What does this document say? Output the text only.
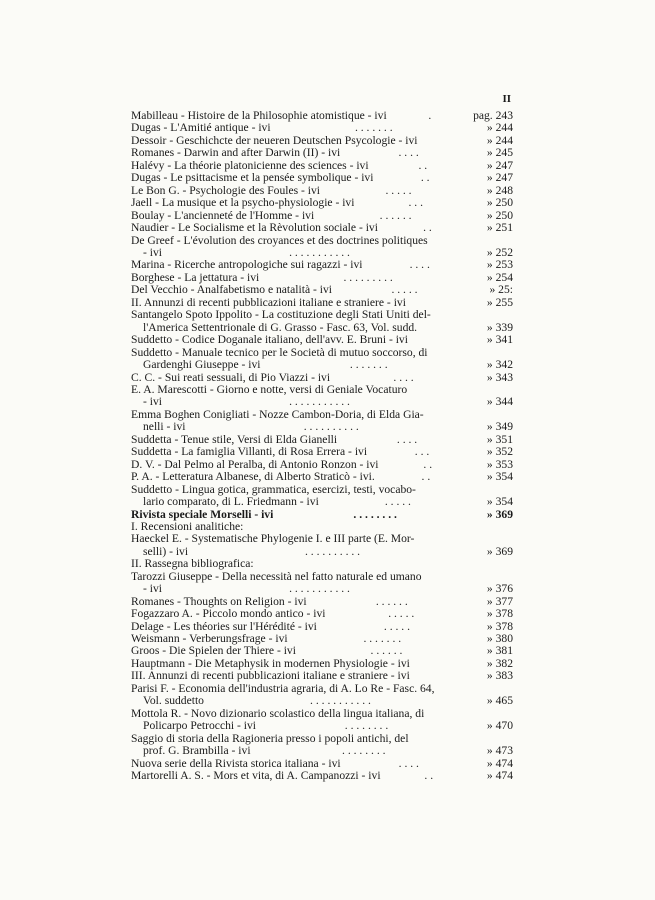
II
Mabilleau - Histoire de la Philosophie atomistique - ivi	.	pag. 243
Dugas - L'Amitié antique - ivi	. . . . . . .	» 244
Dessoir - Geschichcte der neueren Deutschen Psycologie - ivi	» 244
Romanes - Darwin and after Darwin (II) - ivi	. . . .	» 245
Halévy - La théorie platonicienne des sciences - ivi	. .	» 247
Dugas - Le psittacisme et la pensée symbolique - ivi	. .	» 247
Le Bon G. - Psychologie des Foules - ivi	. . . . .	» 248
Jaell - La musique et la psycho-physiologie - ivi	. . .	» 250
Boulay - L'ancienneté de l'Homme - ivi	. . . . . .	» 250
Naudier - Le Socialisme et la Rèvolution sociale - ivi	. .	» 251
De Greef - L'évolution des croyances et des doctrines politiques
- ivi	. . . . . . . . . . .	» 252
Marina - Ricerche antropologiche sui ragazzi - ivi	. . . .	» 253
Borghese - La jettatura - ivi	. . . . . . . . .	» 254
Del Vecchio - Analfabetismo e natalità - ivi	. . . . .	» 25:
II. Annunzi di recenti pubblicazioni italiane e straniere - ivi	» 255
Santangelo Spoto Ippolito - La costituzione degli Stati Uniti del-
l'America Settentrionale di G. Grasso - Fasc. 63, Vol. sudd.	» 339
Suddetto - Codice Doganale italiano, dell'avv. E. Bruni - ivi	» 341
Suddetto - Manuale tecnico per le Società di mutuo soccorso, di
Gardenghi Giuseppe - ivi	. . . . . . .	» 342
C. C. - Sui reati sessuali, di Pio Viazzi - ivi	. . . .	» 343
E. A. Marescotti - Giorno e notte, versi di Geniale Vocaturo
- ivi	. . . . . . . . . . .	» 344
Emma Boghen Conigliati - Nozze Cambon-Doria, di Elda Gia-
nelli - ivi	. . . . . . . . . .	» 349
Suddetta - Tenue stile, Versi di Elda Gianelli	. . . .	» 351
Suddetta - La famiglia Villanti, di Rosa Errera - ivi	. . .	» 352
D. V. - Dal Pelmo al Peralba, di Antonio Ronzon - ivi	. .	» 353
P. A. - Letteratura Albanese, di Alberto Straticò - ivi.	. .	» 354
Suddetto - Lingua gotica, grammatica, esercizi, testi, vocabo-
lario comparato, di L. Friedmann - ivi	. . . . .	» 354
Rivista speciale Morselli - ivi	. . . . . . . .	» 369
I. Recensioni analitiche:
Haeckel E. - Systematische Phylogenie I. e III parte (E. Mor-
selli) - ivi	. . . . . . . . . .	» 369
II. Rassegna bibliografica:
Tarozzi Giuseppe - Della necessità nel fatto naturale ed umano
- ivi	. . . . . . . . . . .	» 376
Romanes - Thoughts on Religion - ivi	. . . . . .	» 377
Fogazzaro A. - Piccolo mondo antico - ivi	. . . . .	» 378
Delage - Les théories sur l'Hérédité - ivi	. . . . .	» 378
Weismann - Verberungsfrage - ivi	. . . . . . .	» 380
Groos - Die Spielen der Thiere - ivi	. . . . . .	» 381
Hauptmann - Die Metaphysik in modernen Physiologie - ivi	» 382
III. Annunzi di recenti pubblicazioni italiane e straniere - ivi	» 383
Parisi F. - Economia dell'industria agraria, di A. Lo Re - Fasc. 64,
Vol. suddetto	. . . . . . . . . . .	» 465
Mottola R. - Novo dizionario scolastico della lingua italiana, di
Policarpo Petrocchi - ivi	. . . . . . . .	» 470
Saggio di storia della Ragioneria presso i popoli antichi, del
prof. G. Brambilla - ivi	. . . . . . . .	» 473
Nuova serie della Rivista storica italiana - ivi	. . . .	» 474
Martorelli A. S. - Mors et vita, di A. Campanozzi - ivi	. .	» 474
